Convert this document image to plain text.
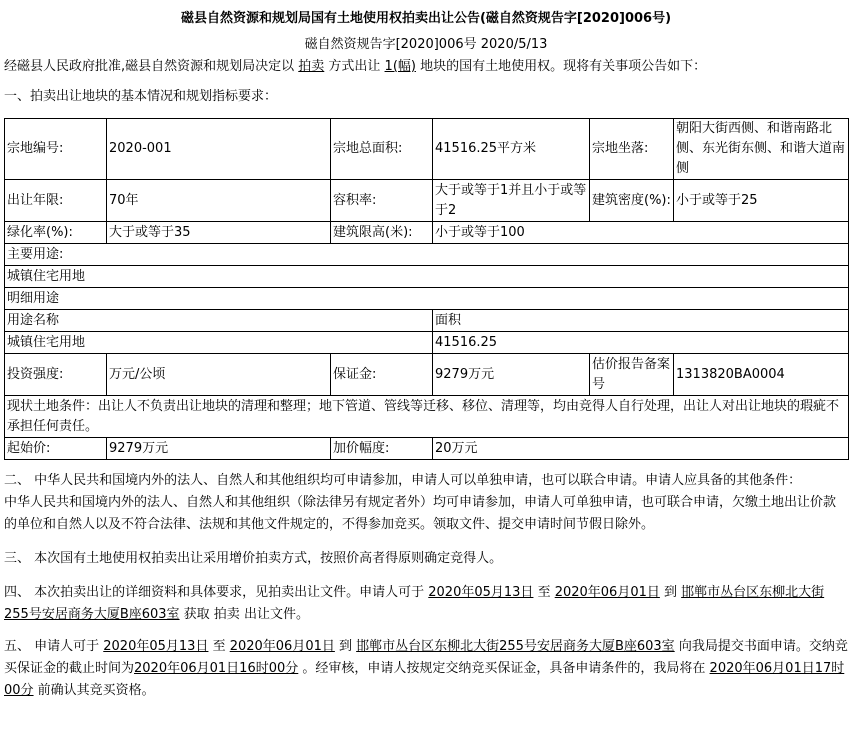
磁县自然资源和规划局国有土地使用权拍卖出让公告(磁自然资规告字[2020]006号)
磁自然资规告字[2020]006号 2020/5/13

经磁县人民政府批准,磁县自然资源和规划局决定以 拍卖 方式出让 1(幅) 地块的国有土地使用权。现将有关事项公告如下：

一、拍卖出让地块的基本情况和规划指标要求：

宗地编号:	2020-001	宗地总面积:	41516.25平方米	宗地坐落:	朝阳大街西侧、和谐南路北侧、东光街东侧、和谐大道南侧
出让年限:	70年	容积率:	大于或等于1并且小于或等于2	建筑密度(%):	小于或等于25
绿化率(%):	大于或等于35	建筑限高(米):	小于或等于100		
主要用途:					
城镇住宅用地					
明细用途					
用途名称			面积		
城镇住宅用地			41516.25		
投资强度:	万元/公顷	保证金:	9279万元	估价报告备案号	1313820BA0004
现状土地条件：出让人不负责出让地块的清理和整理；地下管道、管线等迁移、移位、清理等，均由竞得人自行处理，出让人对出让地块的瑕疵不承担任何责任。					
起始价:	9279万元	加价幅度:	20万元		

二、 中华人民共和国境内外的法人、自然人和其他组织均可申请参加，申请人可以单独申请，也可以联合申请。申请人应具备的其他条件：

中华人民共和国境内外的法人、自然人和其他组织（除法律另有规定者外）均可申请参加，申请人可单独申请，也可联合申请，欠缴土地出让价款的单位和自然人以及不符合法律、法规和其他文件规定的，不得参加竞买。领取文件、提交申请时间节假日除外。

三、 本次国有土地使用权拍卖出让采用增价拍卖方式，按照价高者得原则确定竞得人。

四、 本次拍卖出让的详细资料和具体要求，见拍卖出让文件。申请人可于 2020年05月13日 至 2020年06月01日 到 邯郸市丛台区东柳北大街255号安居商务大厦B座603室 获取 拍卖 出让文件。

五、 申请人可于 2020年05月13日 至 2020年06月01日 到 邯郸市丛台区东柳北大街255号安居商务大厦B座603室 向我局提交书面申请。交纳竞买保证金的截止时间为2020年06月01日16时00分 。经审核，申请人按规定交纳竞买保证金，具备申请条件的，我局将在 2020年06月01日17时00分 前确认其竞买资格。
